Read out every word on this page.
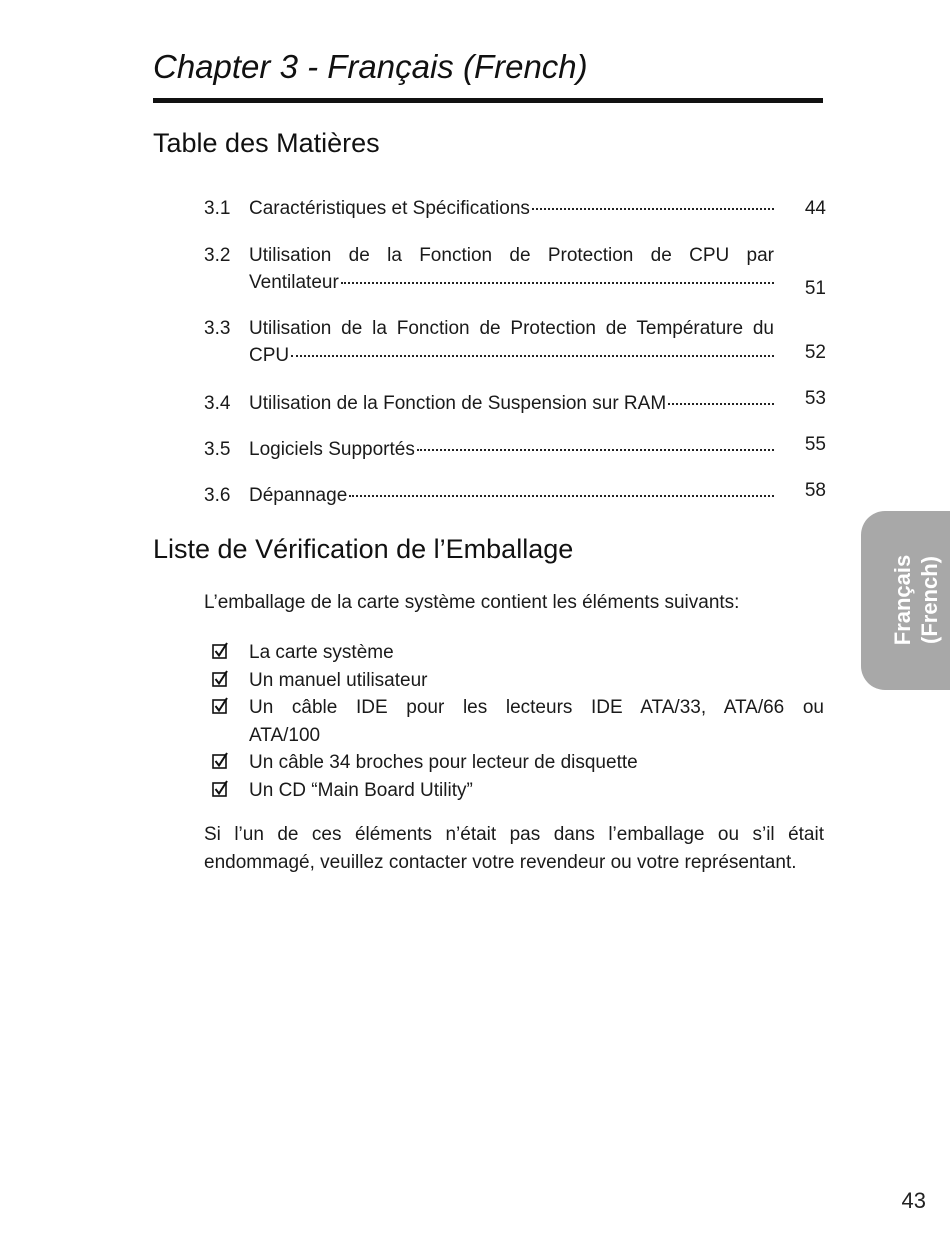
Chapter 3 - Français (French)
Table des Matières
3.1 Caractéristiques et Spécifications	44
3.2 Utilisation de la Fonction de Protection de CPU par
Ventilateur	51
3.3 Utilisation de la Fonction de Protection de Température du
CPU	52
3.4 Utilisation de la Fonction de Suspension sur RAM	53
3.5 Logiciels Supportés	55
3.6 Dépannage	58
Liste de Vérification de l’Emballage

L’emballage de la carte système contient les éléments suivants:

La carte système
Un manuel utilisateur
Un câble IDE pour les lecteurs IDE ATA/33, ATA/66 ou
ATA/100
Un câble 34 broches pour lecteur de disquette
Un CD “Main Board Utility”

Si l’un de ces éléments n’était pas dans l’emballage ou s’il était endommagé, veuillez contacter votre revendeur ou votre représentant.

Français (French)
43
